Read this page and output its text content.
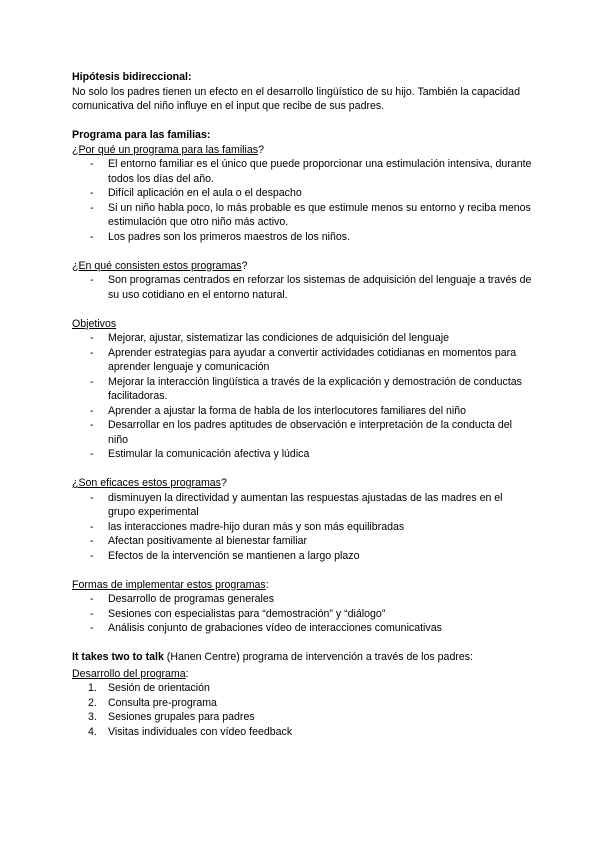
Hipótesis bidireccional:

No solo los padres tienen un efecto en el desarrollo lingüístico de su hijo. También la capacidad comunicativa del niño influye en el input que recibe de sus padres.

Programa para las familias:

¿Por qué un programa para las familias?

- El entorno familiar es el único que puede proporcionar una estimulación intensiva, durante todos los días del año.
- Difícil aplicación en el aula o el despacho
- Si un niño habla poco, lo más probable es que estimule menos su entorno y reciba menos estimulación que otro niño más activo.
- Los padres son los primeros maestros de los niños.

¿En qué consisten estos programas?

- Son programas centrados en reforzar los sistemas de adquisición del lenguaje a través de su uso cotidiano en el entorno natural.

Objetivos

- Mejorar, ajustar, sistematizar las condiciones de adquisición del lenguaje
- Aprender estrategias para ayudar a convertir actividades cotidianas en momentos para aprender lenguaje y comunicación
- Mejorar la interacción lingüística a través de la explicación y demostración de conductas facilitadoras.
- Aprender a ajustar la forma de habla de los interlocutores familiares del niño
- Desarrollar en los padres aptitudes de observación e interpretación de la conducta del niño
- Estimular la comunicación afectiva y lúdica

¿Son eficaces estos programas?

- disminuyen la directividad y aumentan las respuestas ajustadas de las madres en el grupo experimental
- las interacciones madre-hijo duran más y son más equilibradas
- Afectan positivamente al bienestar familiar
- Efectos de la intervención se mantienen a largo plazo

Formas de implementar estos programas:

- Desarrollo de programas generales
- Sesiones con especialistas para “demostración” y “diálogo”
- Análisis conjunto de grabaciones vídeo de interacciones comunicativas

It takes two to talk (Hanen Centre) programa de intervención a través de los padres:

Desarrollo del programa:

1. Sesión de orientación
2. Consulta pre-programa
3. Sesiones grupales para padres
4. Visitas individuales con vídeo feedback
